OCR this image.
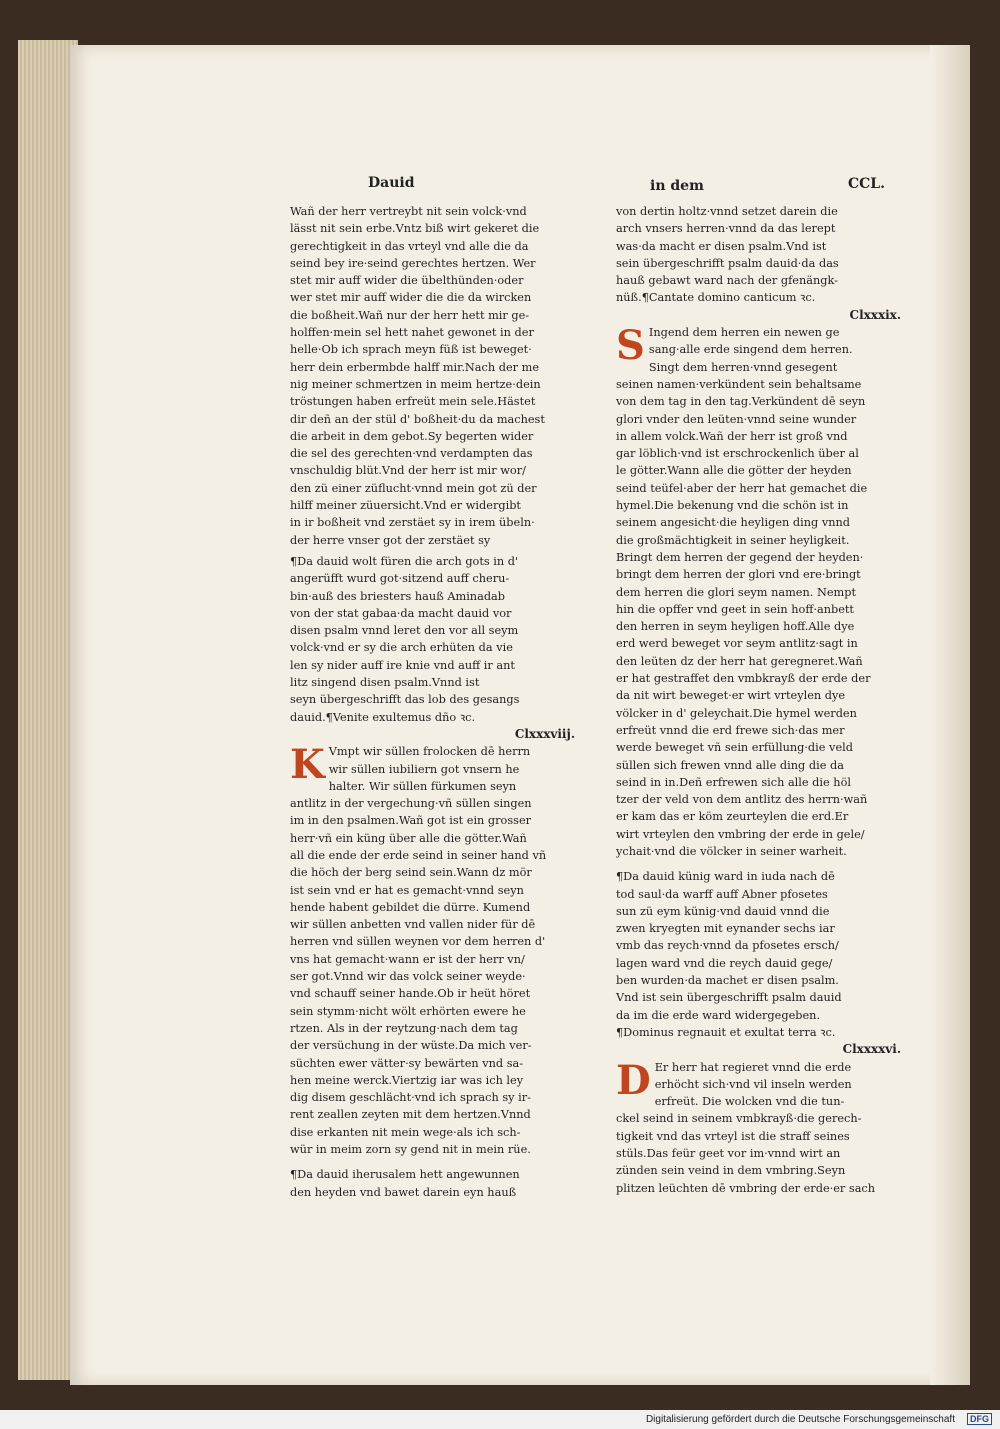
Dauid	in dem	CCL.

Wañ der herr vertreybt nit sein volck·vnd

lässt nit sein erbe.Vntz biß wirt gekeret die

gerechtigkeit in das vrteyl vnd alle die da

seind bey ire·seind gerechtes hertzen. Wer

stet mir auff wider die übelthünden·oder

wer stet mir auff wider die die da wircken

die boßheit.Wañ nur der herr hett mir ge-

holffen·mein sel hett nahet gewonet in der

helle·Ob ich sprach meyn füß ist beweget·

herr dein erbermbde halff mir.Nach der me

nig meiner schmertzen in meim hertze·dein

tröstungen haben erfreüt mein sele.Hästet

dir deñ an der stül d' boßheit·du da machest

die arbeit in dem gebot.Sy begerten wider

die sel des gerechten·vnd verdampten das

vnschuldig blüt.Vnd der herr ist mir wor/

den zü einer züflucht·vnnd mein got zü der

hilff meiner züuersicht.Vnd er widergibt

in ir boßheit vnd zerstäet sy in irem übeln·

der herre vnser got der zerstäet sy

¶Da dauid wolt füren die arch gots in d'

angerüfft wurd got·sitzend auff cheru-

bin·auß des briesters hauß Aminadab

von der stat gabaa·da macht dauid vor

disen psalm vnnd leret den vor all seym

volck·vnd er sy die arch erhüten da vie

len sy nider auff ire knie vnd auff ir ant

litz singend disen psalm.Vnnd ist

seyn übergeschrifft das lob des gesangs

dauid.¶Venite exultemus dño ꝛc.

Clxxxviij.

K Vmpt wir süllen frolocken dē herrn

wir süllen iubiliern got vnsern he

halter. Wir süllen fürkumen seyn

antlitz in der vergechung·vñ süllen singen

im in den psalmen.Wañ got ist ein grosser

herr·vñ ein küng über alle die götter.Wañ

all die ende der erde seind in seiner hand vñ

die höch der berg seind sein.Wann dz mör

ist sein vnd er hat es gemacht·vnnd seyn

hende habent gebildet die dürre. Kumend

wir süllen anbetten vnd vallen nider für dē

herren vnd süllen weynen vor dem herren d'

vns hat gemacht·wann er ist der herr vn/

ser got.Vnnd wir das volck seiner weyde·

vnd schauff seiner hande.Ob ir heüt höret

sein stymm·nicht wölt erhörten ewere he

rtzen. Als in der reytzung·nach dem tag

der versüchung in der wüste.Da mich ver-

süchten ewer vätter·sy bewärten vnd sa-

hen meine werck.Viertzig iar was ich ley

dig disem geschlächt·vnd ich sprach sy ir-

rent zeallen zeyten mit dem hertzen.Vnnd

dise erkanten nit mein wege·als ich sch-

wür in meim zorn sy gend nit in mein rüe.

¶Da dauid iherusalem hett angewunnen

den heyden vnd bawet darein eyn hauß

von dertin holtz·vnnd setzet darein die

arch vnsers herren·vnnd da das lerept

was·da macht er disen psalm.Vnd ist

sein übergeschrifft psalm dauid·da das

hauß gebawt ward nach der gfenängk-

nüß.¶Cantate domino canticum ꝛc.

Clxxxix.

S Ingend dem herren ein newen ge

sang·alle erde singend dem herren.

Singt dem herren·vnnd gesegent

seinen namen·verkündent sein behaltsame

von dem tag in den tag.Verkündent dē seyn

glori vnder den leüten·vnnd seine wunder

in allem volck.Wañ der herr ist groß vnd

gar löblich·vnd ist erschrockenlich über al

le götter.Wann alle die götter der heyden

seind teüfel·aber der herr hat gemachet die

hymel.Die bekenung vnd die schön ist in

seinem angesicht·die heyligen ding vnnd

die großmächtigkeit in seiner heyligkeit.

Bringt dem herren der gegend der heyden·

bringt dem herren der glori vnd ere·bringt

dem herren die glori seym namen. Nempt

hin die opffer vnd geet in sein hoff·anbett

den herren in seym heyligen hoff.Alle dye

erd werd beweget vor seym antlitz·sagt in

den leüten dz der herr hat geregneret.Wañ

er hat gestraffet den vmbkrayß der erde der

da nit wirt beweget·er wirt vrteylen dye

völcker in d' geleychait.Die hymel werden

erfreüt vnnd die erd frewe sich·das mer

werde beweget vñ sein erfüllung·die veld

süllen sich frewen vnnd alle ding die da

seind in in.Deñ erfrewen sich alle die höl

tzer der veld von dem antlitz des herrn·wañ

er kam das er köm zeurteylen die erd.Er

wirt vrteylen den vmbring der erde in gele/

ychait·vnd die völcker in seiner warheit.

¶Da dauid künig ward in iuda nach dē

tod saul·da warff auff Abner pfosetes

sun zü eym künig·vnd dauid vnnd die

zwen kryegten mit eynander sechs iar

vmb das reych·vnnd da pfosetes ersch/

lagen ward vnd die reych dauid gege/

ben wurden·da machet er disen psalm.

Vnd ist sein übergeschrifft psalm dauid

da im die erde ward widergegeben.

¶Dominus regnauit et exultat terra ꝛc.

Clxxxxvi.

D Er herr hat regieret vnnd die erde

erhöcht sich·vnd vil inseln werden

erfreüt. Die wolcken vnd die tun-

ckel seind in seinem vmbkrayß·die gerech-

tigkeit vnd das vrteyl ist die straff seines

stüls.Das feür geet vor im·vnnd wirt an

zünden sein veind in dem vmbring.Seyn

plitzen leüchten dē vmbring der erde·er sach

Digitalisierung gefördert durch die Deutsche Forschungsgemeinschaft	DFG
